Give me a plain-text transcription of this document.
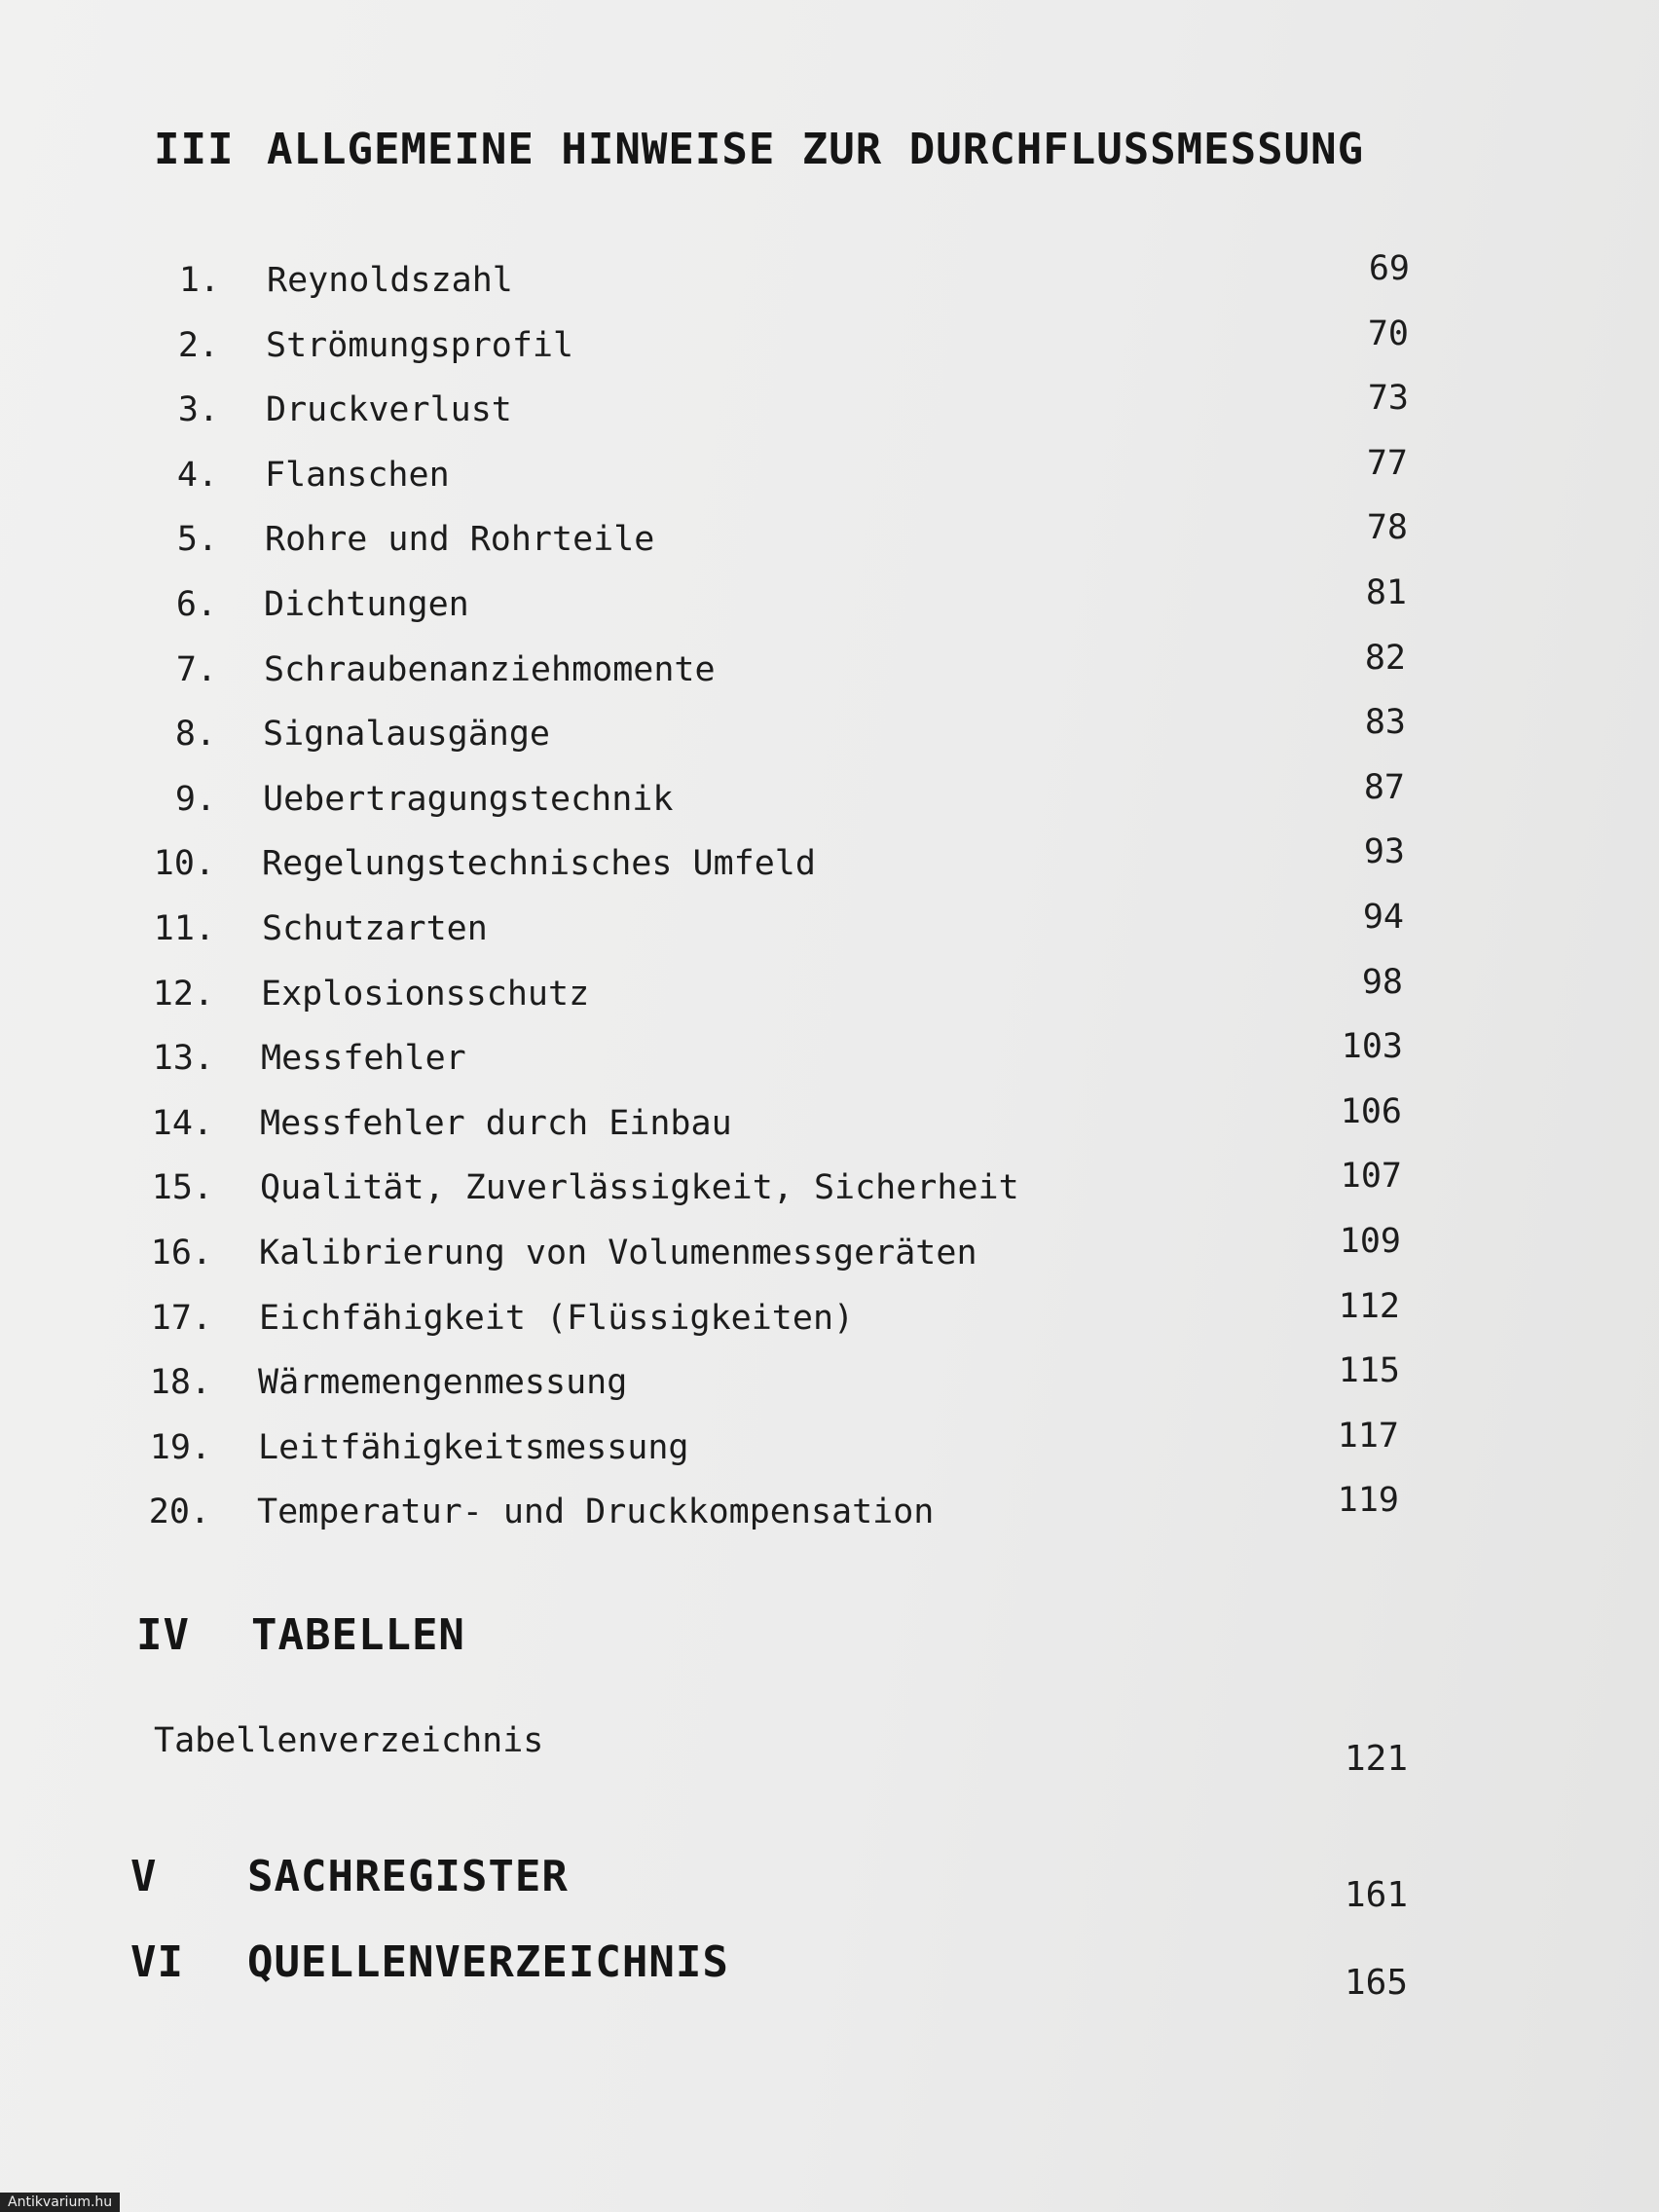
III ALLGEMEINE HINWEISE ZUR DURCHFLUSSMESSUNG
1. Reynoldszahl	69
2. Strömungsprofil	70
3. Druckverlust	73
4. Flanschen	77
5. Rohre und Rohrteile	78
6. Dichtungen	81
7. Schraubenanziehmomente	82
8. Signalausgänge	83
9. Uebertragungstechnik	87
10. Regelungstechnisches Umfeld	93
11. Schutzarten	94
12. Explosionsschutz	98
13. Messfehler	103
14. Messfehler durch Einbau	106
15. Qualität, Zuverlässigkeit, Sicherheit	107
16. Kalibrierung von Volumenmessgeräten	109
17. Eichfähigkeit (Flüssigkeiten)	112
18. Wärmemengenmessung	115
19. Leitfähigkeitsmessung	117
20. Temperatur- und Druckkompensation	119
IV TABELLEN
Tabellenverzeichnis	121
V SACHREGISTER	161
VI QUELLENVERZEICHNIS	165
Antikvarium.hu
